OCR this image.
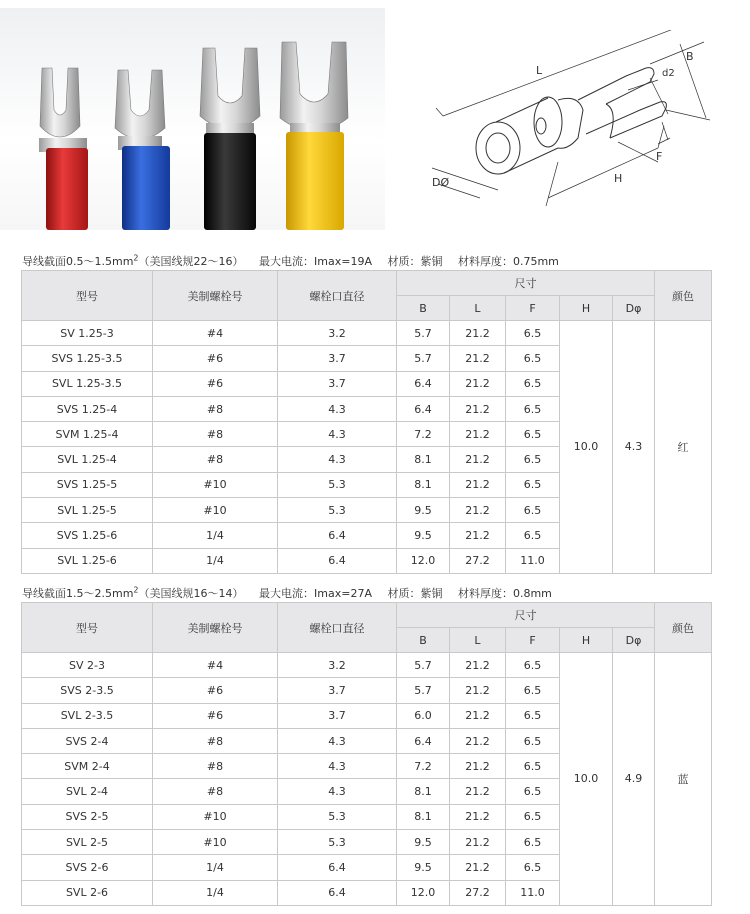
L
B
d2
F
H
DØ
导线截面$0.5\sim 1.5mm^2$（美国线规22～16） 最大电流：Imax=19A 材质：紫铜 材料厚度：0.75mm
型号	美制螺栓号	螺栓口直径	尺寸					颜色
			B	L	F	H	Dφ	
SV 1.25-3	#4	3.2	5.7	21.2	6.5	10.0	4.3	红
SVS 1.25-3.5	#6	3.7	5.7	21.2	6.5			
SVL 1.25-3.5	#6	3.7	6.4	21.2	6.5			
SVS 1.25-4	#8	4.3	6.4	21.2	6.5			
SVM 1.25-4	#8	4.3	7.2	21.2	6.5			
SVL 1.25-4	#8	4.3	8.1	21.2	6.5			
SVS 1.25-5	#10	5.3	8.1	21.2	6.5			
SVL 1.25-5	#10	5.3	9.5	21.2	6.5			
SVS 1.25-6	1/4	6.4	9.5	21.2	6.5			
SVL 1.25-6	1/4	6.4	12.0	27.2	11.0			
导线截面$1.5\sim 2.5mm^2$（美国线规16～14） 最大电流：Imax=27A 材质：紫铜 材料厚度：0.8mm
型号	美制螺栓号	螺栓口直径	尺寸					颜色
			B	L	F	H	Dφ	
SV 2-3	#4	3.2	5.7	21.2	6.5	10.0	4.9	蓝
SVS 2-3.5	#6	3.7	5.7	21.2	6.5			
SVL 2-3.5	#6	3.7	6.0	21.2	6.5			
SVS 2-4	#8	4.3	6.4	21.2	6.5			
SVM 2-4	#8	4.3	7.2	21.2	6.5			
SVL 2-4	#8	4.3	8.1	21.2	6.5			
SVS 2-5	#10	5.3	8.1	21.2	6.5			
SVL 2-5	#10	5.3	9.5	21.2	6.5			
SVS 2-6	1/4	6.4	9.5	21.2	6.5			
SVL 2-6	1/4	6.4	12.0	27.2	11.0			
